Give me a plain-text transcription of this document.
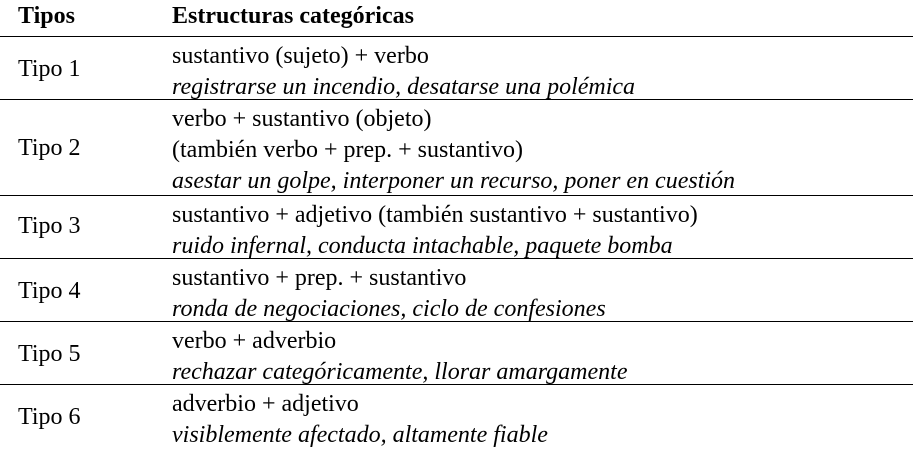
Tipos	Estructuras categóricas
Tipo 1	sustantivo (sujeto) + verbo
registrarse un incendio, desatarse una polémica
Tipo 2
verbo + sustantivo (objeto)
(también verbo + prep. + sustantivo)
asestar un golpe, interponer un recurso, poner en cuestión
Tipo 3	sustantivo + adjetivo (también sustantivo + sustantivo)
ruido infernal, conducta intachable, paquete bomba
Tipo 4	sustantivo + prep. + sustantivo
ronda de negociaciones, ciclo de confesiones
Tipo 5	verbo + adverbio
rechazar categóricamente, llorar amargamente
Tipo 6	adverbio + adjetivo
visiblemente afectado, altamente fiable
